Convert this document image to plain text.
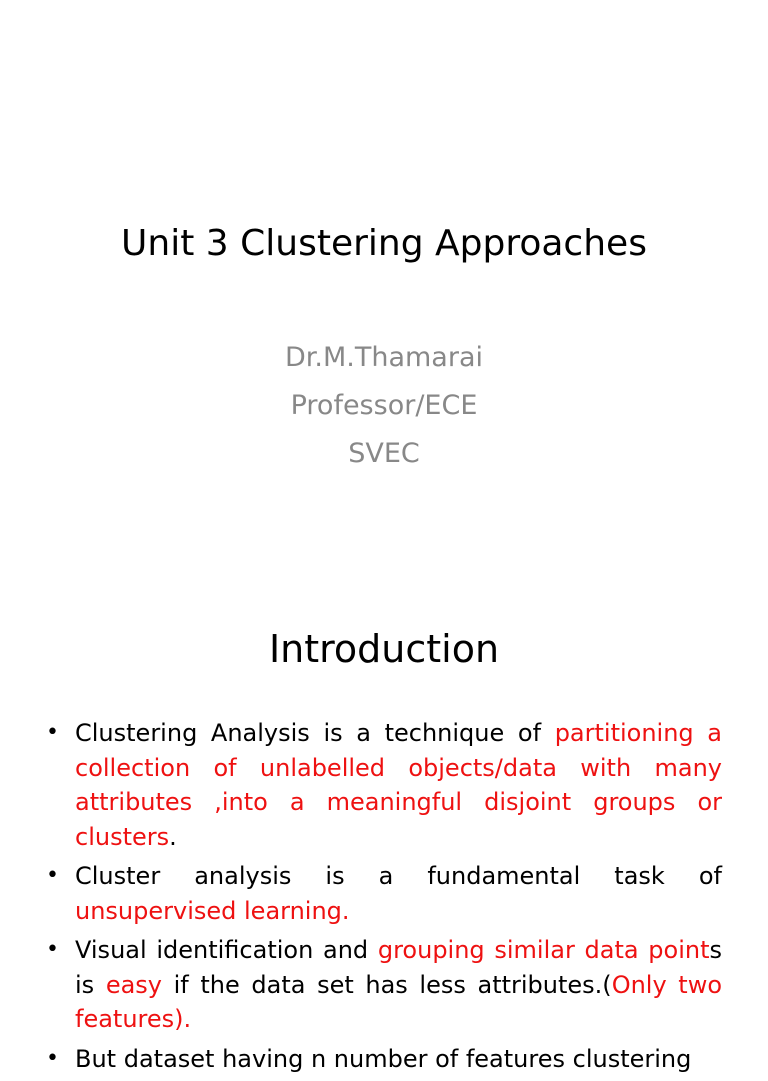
Unit 3 Clustering Approaches
Dr.M.Thamarai
Professor/ECE
SVEC
Introduction
• Clustering Analysis is a technique of partitioning a collection of unlabelled objects/data with many attributes ,into a meaningful disjoint groups or clusters.
• Cluster analysis is a fundamental task of unsupervised learning.
• Visual identification and grouping similar data points is easy if the data set has less attributes.(Only two features).
• But dataset having n number of features clustering
